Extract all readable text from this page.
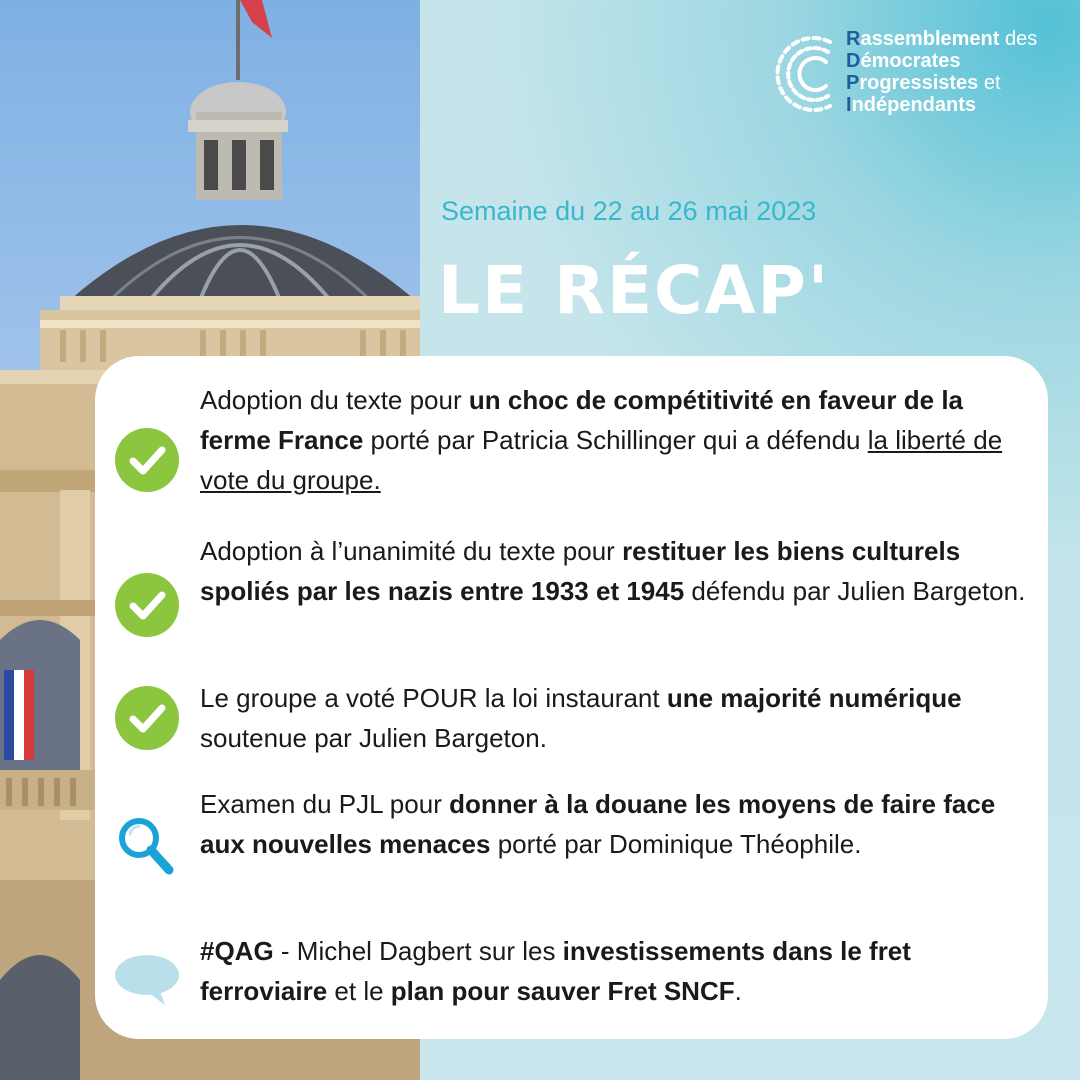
Rassemblement des
Démocrates
Progressistes et
Indépendants
Semaine du 22 au 26 mai 2023
LE RÉCAP'
Adoption du texte pour un choc de compétitivité en faveur de la ferme France porté par Patricia Schillinger qui a défendu la liberté de vote du groupe.
Adoption à l’unanimité du texte pour restituer les biens culturels spoliés par les nazis entre 1933 et 1945 défendu par Julien Bargeton.
Le groupe a voté POUR la loi instaurant une majorité numérique soutenue par Julien Bargeton.
Examen du PJL pour donner à la douane les moyens de faire face aux nouvelles menaces porté par Dominique Théophile.
#QAG - Michel Dagbert sur les investissements dans le fret ferroviaire et le plan pour sauver Fret SNCF.
